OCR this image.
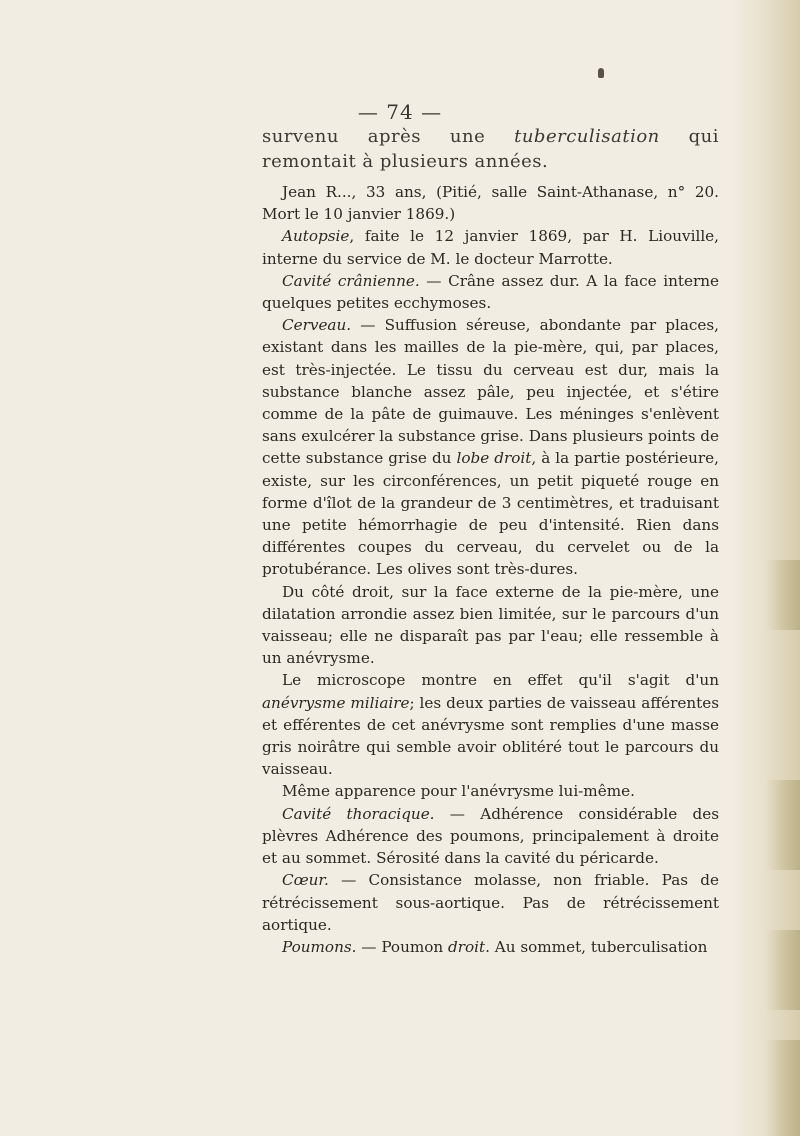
— 74 —

survenu après une tuberculisation qui remontait à plusieurs années.

Jean R..., 33 ans, (Pitié, salle Saint-Athanase, n° 20. Mort le 10 janvier 1869.)

Autopsie, faite le 12 janvier 1869, par H. Liouville, interne du service de M. le docteur Marrotte.

Cavité crânienne. — Crâne assez dur. A la face interne quelques petites ecchymoses.

Cerveau. — Suffusion séreuse, abondante par places, existant dans les mailles de la pie-mère, qui, par places, est très-injectée. Le tissu du cerveau est dur, mais la substance blanche assez pâle, peu injectée, et s'étire comme de la pâte de guimauve. Les méninges s'enlèvent sans exulcérer la substance grise. Dans plusieurs points de cette substance grise du lobe droit, à la partie postérieure, existe, sur les circonférences, un petit piqueté rouge en forme d'îlot de la grandeur de 3 centimètres, et traduisant une petite hémorrhagie de peu d'intensité. Rien dans différentes coupes du cerveau, du cervelet ou de la protubérance. Les olives sont très-dures.

Du côté droit, sur la face externe de la pie-mère, une dilatation arrondie assez bien limitée, sur le parcours d'un vaisseau; elle ne disparaît pas par l'eau; elle ressemble à un anévrysme.

Le microscope montre en effet qu'il s'agit d'un anévrysme miliaire; les deux parties de vaisseau afférentes et efférentes de cet anévrysme sont remplies d'une masse gris noirâtre qui semble avoir oblitéré tout le parcours du vaisseau.

Même apparence pour l'anévrysme lui-même.

Cavité thoracique. — Adhérence considérable des plèvres Adhérence des poumons, principalement à droite et au sommet. Sérosité dans la cavité du péricarde.

Cœur. — Consistance molasse, non friable. Pas de rétrécissement sous-aortique. Pas de rétrécissement aortique.

Poumons. — Poumon droit. Au sommet, tuberculisation
